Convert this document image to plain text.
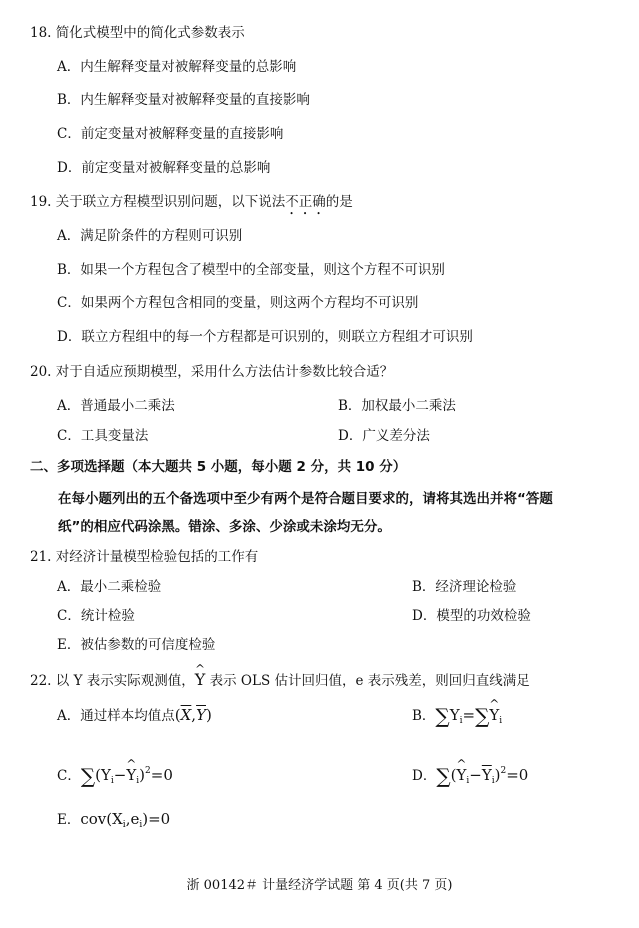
18. 简化式模型中的简化式参数表示
A．内生解释变量对被解释变量的总影响
B．内生解释变量对被解释变量的直接影响
C．前定变量对被解释变量的直接影响
D．前定变量对被解释变量的总影响
19. 关于联立方程模型识别问题，以下说法不正确的是
A．满足阶条件的方程则可识别
B．如果一个方程包含了模型中的全部变量，则这个方程不可识别
C．如果两个方程包含相同的变量，则这两个方程均不可识别
D．联立方程组中的每一个方程都是可识别的，则联立方程组才可识别
20. 对于自适应预期模型，采用什么方法估计参数比较合适？
A．普通最小二乘法	B．加权最小二乘法
C．工具变量法	D．广义差分法
二、多项选择题（本大题共 5 小题，每小题 2 分，共 10 分）
在每小题列出的五个备选项中至少有两个是符合题目要求的，请将其选出并将“答题
纸”的相应代码涂黑。错涂、多涂、少涂或未涂均无分。
21. 对经济计量模型检验包括的工作有
A．最小二乘检验	B．经济理论检验
C．统计检验	D．模型的功效检验
E．被估参数的可信度检验
22. 以 Y 表示实际观测值，^ Y 表示 OLS 估计回归值，e 表示残差，则回归直线满足
A．通过样本均值点$(\overline{X},\overline{Y})$	B．$\sum Y_i=\sum\^{}$ $Y_i$
C．$\sum(Y_i-\^{}$ $Y_i)^2=0$	D．∑(^ $Y_i-\overline{Y}_i)^2=0$
E．$cov(X_i,e_i)=0$
浙 00142＃ 计量经济学试题 第 4 页(共 7 页)
